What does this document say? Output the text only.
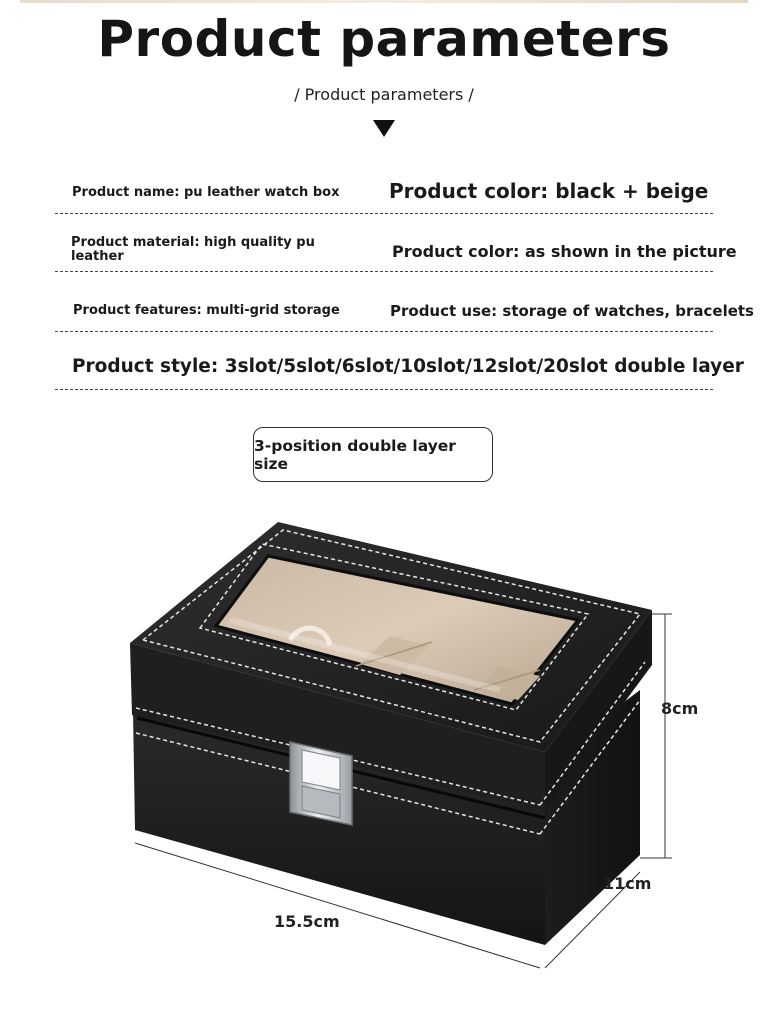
Product parameters
/ Product parameters /
Product name: pu leather watch box Product color: black + beige
Product material: high quality pu
leather	Product color: as shown in the picture
Product features: multi-grid storage	Product use: storage of watches, bracelets
Product style: 3slot/5slot/6slot/10slot/12slot/20slot double layer
3-position double layer size
8cm
11cm
15.5cm
